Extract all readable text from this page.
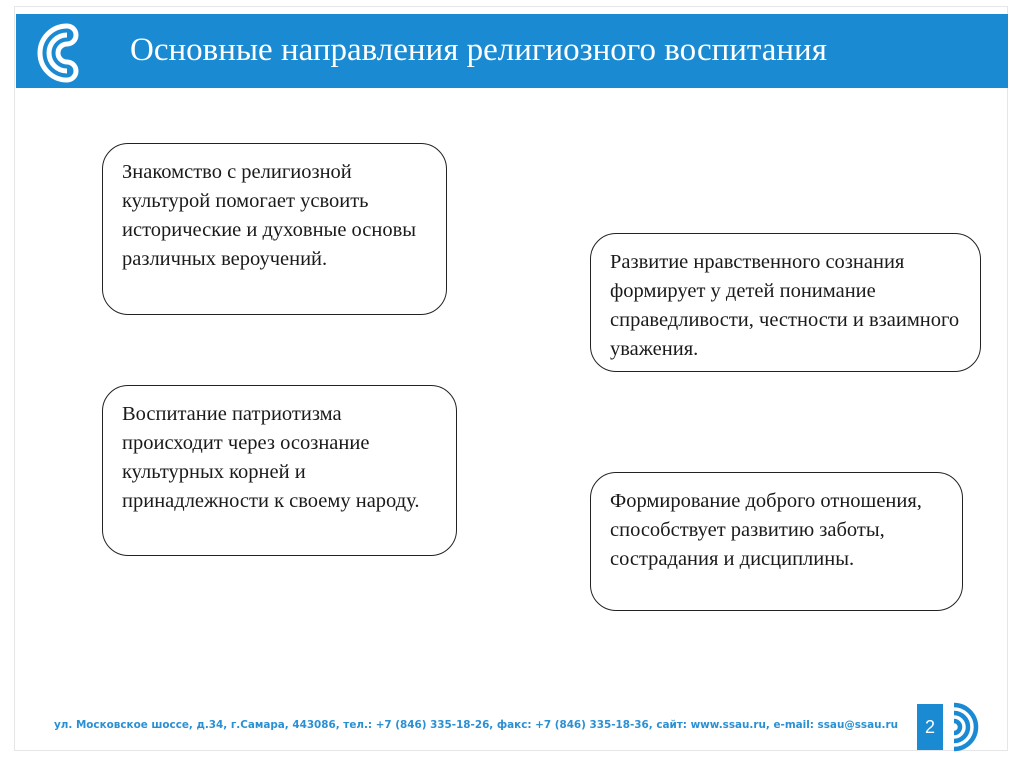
Основные направления религиозного воспитания
Знакомство с религиозной культурой помогает усвоить исторические и духовные основы различных вероучений.	Развитие нравственного сознания формирует у детей понимание справедливости, честности и взаимного уважения.
Воспитание патриотизма происходит через осознание культурных корней и принадлежности к своему народу.	Формирование доброго отношения, способствует развитию заботы, сострадания и дисциплины.
ул. Московское шоссе, д.34, г.Самара, 443086, тел.: +7 (846) 335-18-26, факс: +7 (846) 335-18-36, сайт: www.ssau.ru, e-mail: ssau@ssau.ru	2
